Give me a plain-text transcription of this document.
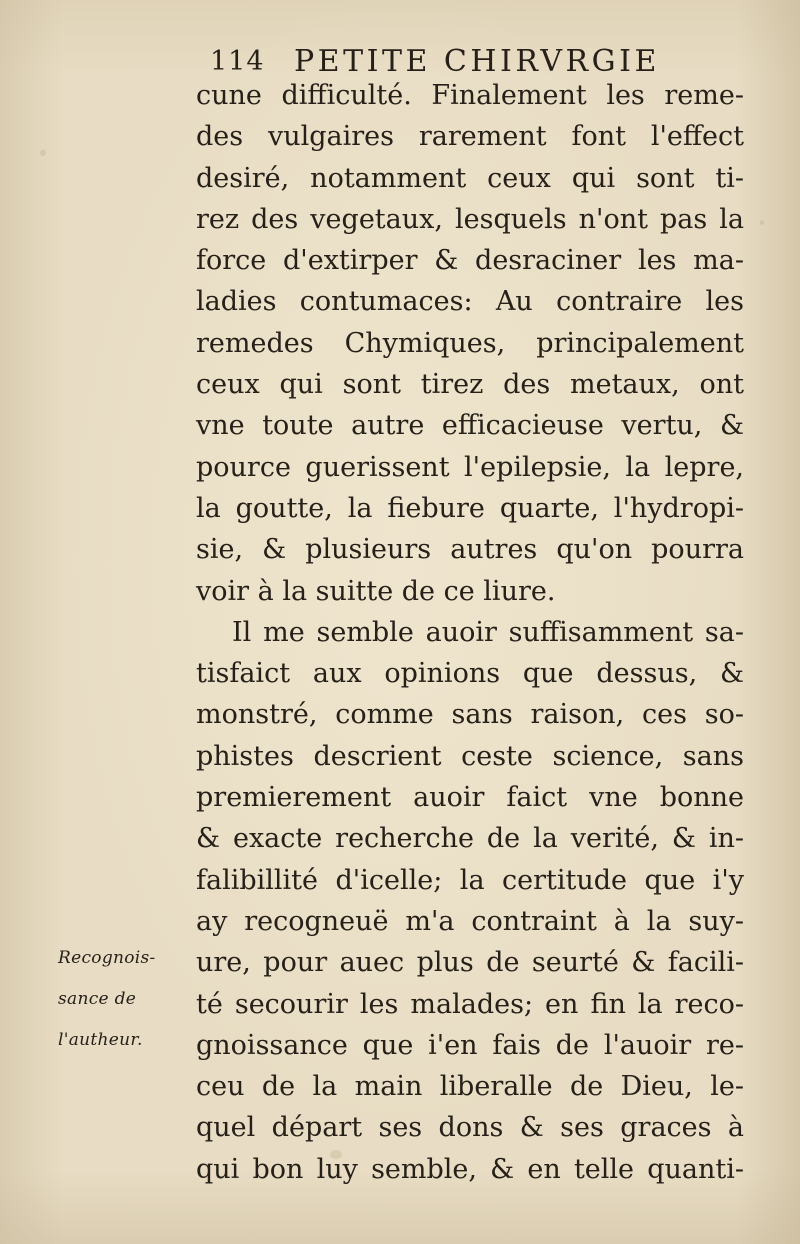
114 PETITE CHIRVRGIE
cune difficulté. Finalement les reme-
des vulgaires rarement font l'effect
desiré, notamment ceux qui sont ti-
rez des vegetaux, lesquels n'ont pas la
force d'extirper & desraciner les ma-
ladies contumaces: Au contraire les
remedes Chymiques, principalement
ceux qui sont tirez des metaux, ont
vne toute autre efficacieuse vertu, &
pource guerissent l'epilepsie, la lepre,
la goutte, la fiebure quarte, l'hydropi-
sie, & plusieurs autres qu'on pourra
voir à la suitte de ce liure.
Il me semble auoir suffisamment sa-
tisfaict aux opinions que dessus, &
monstré, comme sans raison, ces so-
phistes descrient ceste science, sans
premierement auoir faict vne bonne
& exacte recherche de la verité, & in-
falibillité d'icelle; la certitude que i'y
ay recogneuë m'a contraint à la suy-
ure, pour auec plus de seurté & facili-
té secourir les malades; en fin la reco-
gnoissance que i'en fais de l'auoir re-
ceu de la main liberalle de Dieu, le-
quel départ ses dons & ses graces à
qui bon luy semble, & en telle quanti-
Recognois-
sance de
l'autheur.
